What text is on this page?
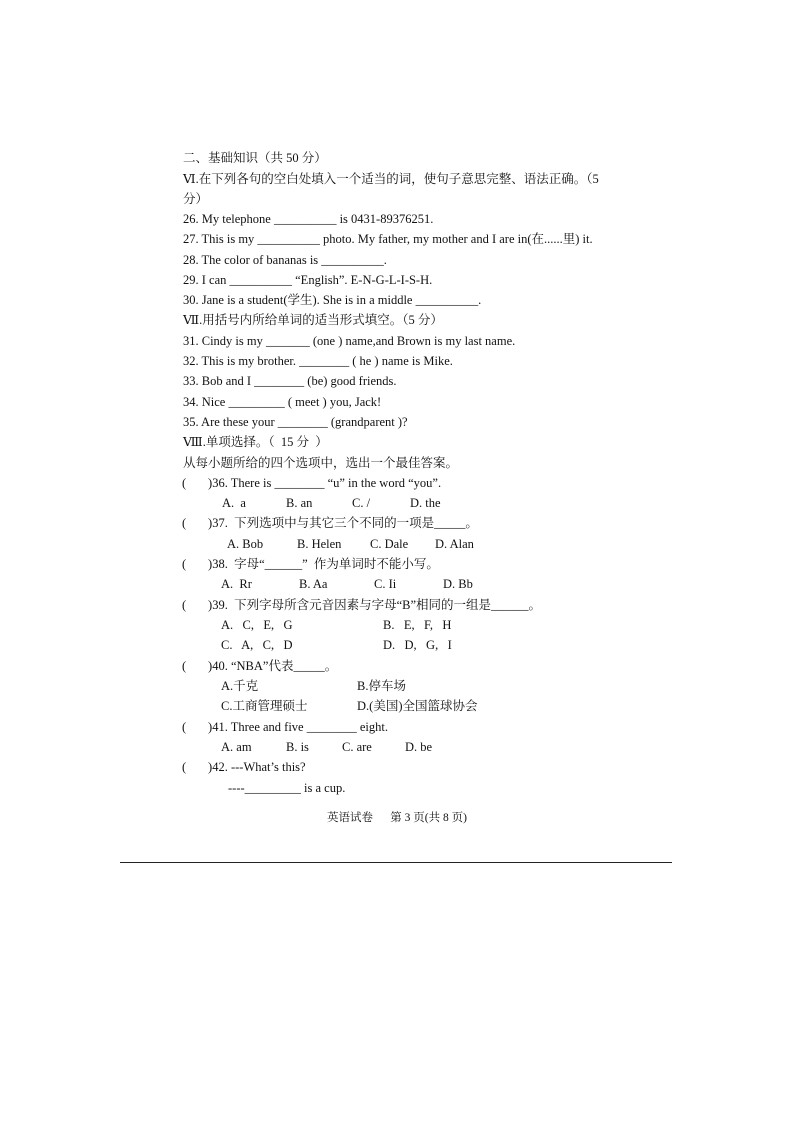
二、基础知识（共 50 分）
Ⅵ.在下列各句的空白处填入一个适当的词，使句子意思完整、语法正确。（5
分）
26. My telephone __________ is 0431-89376251.
27. This is my __________ photo. My father, my mother and I are in(在......里) it.
28. The color of bananas is __________.
29. I can __________ “English”. E-N-G-L-I-S-H.
30. Jane is a student(学生). She is in a middle __________.
Ⅶ.用括号内所给单词的适当形式填空。（5 分）
31. Cindy is my _______ (one ) name,and Brown is my last name.
32. This is my brother. ________ ( he ) name is Mike.
33. Bob and I ________ (be) good friends.
34. Nice _________ ( meet ) you, Jack!
35. Are these your ________ (grandparent )?
Ⅷ.单项选择。（  15 分  ）
从每小题所给的四个选项中，选出一个最佳答案。
(       )36. There is ________ “u” in the word “you”.
A.  a	B. an	C. /	D. the
(       )37.  下列选项中与其它三个不同的一项是_____。
A. Bob	B. Helen C. Dale D. Alan
(       )38.  字母“______”  作为单词时不能小写。
A.  Rr	B. Aa	C. Ii	D. Bb
(       )39.  下列字母所含元音因素与字母“B”相同的一组是______。
A.   C,   E,   G	B.   E,   F,   H
C.   A,   C,   D	D.   D,   G,   I
(       )40. “NBA”代表_____。
A.千克	B.停车场
C.工商管理硕士	D.(美国)全国篮球协会
(       )41. Three and five ________ eight.
A. am	B. is	C. are	D. be
(       )42. ---What’s this?
----_________ is a cup.
英语试卷      第 3 页(共 8 页)
